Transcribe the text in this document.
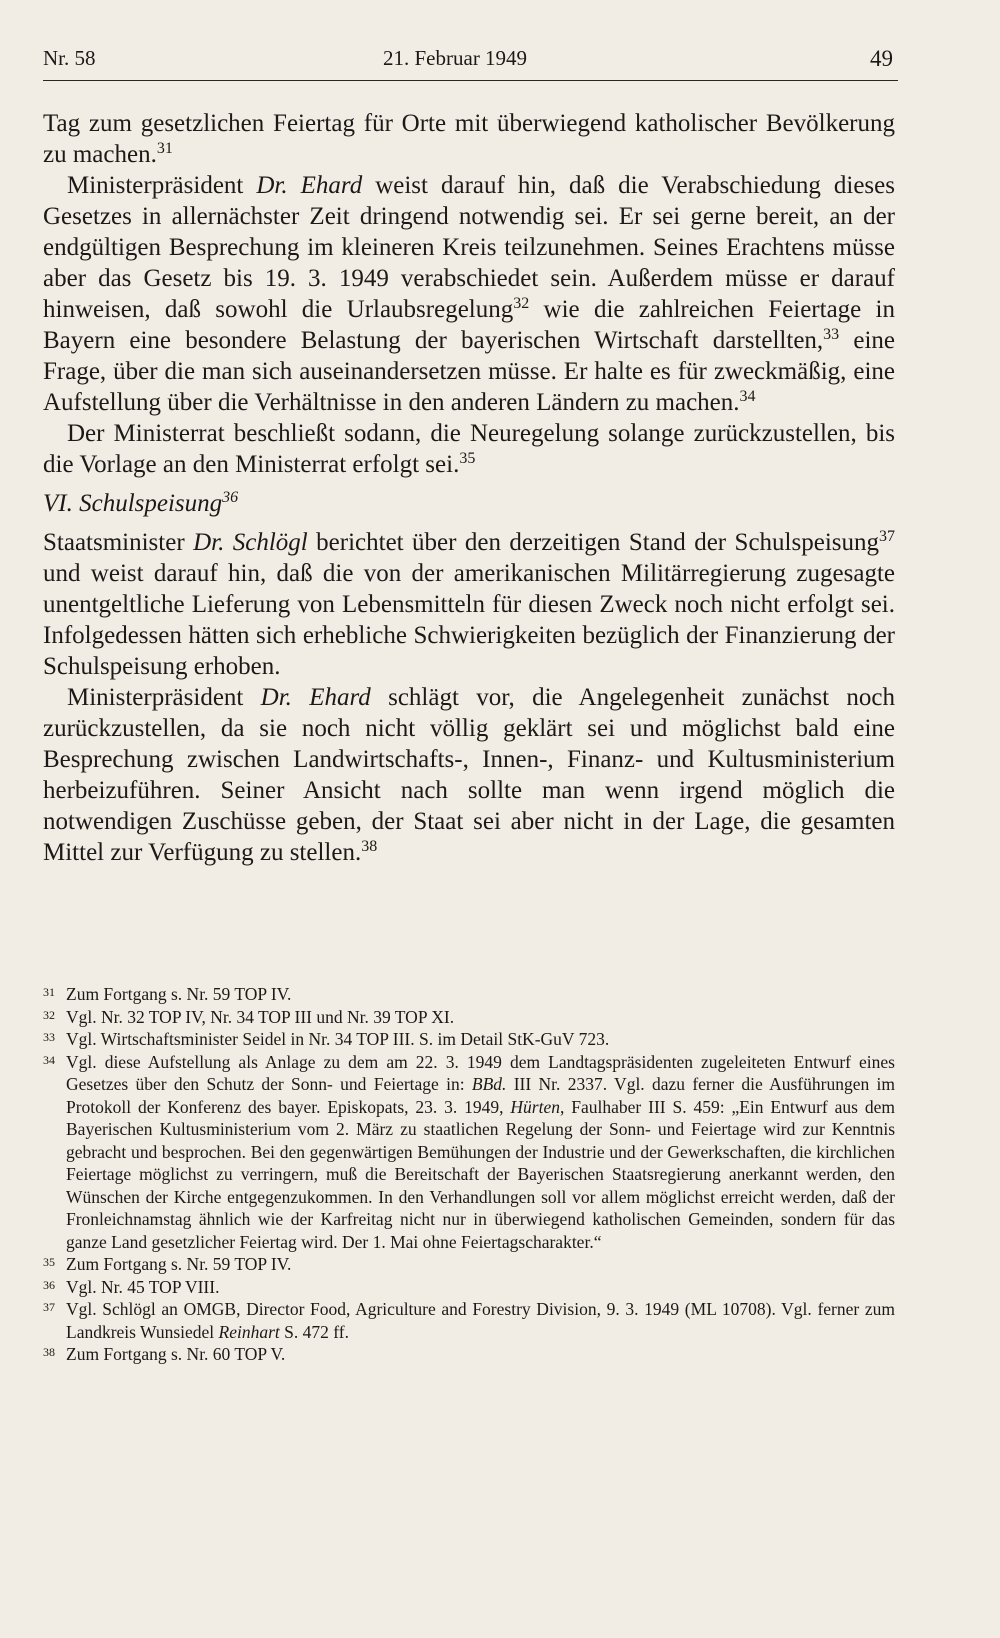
Nr. 58	21. Februar 1949	49

Tag zum gesetzlichen Feiertag für Orte mit überwiegend katholischer Bevölkerung zu machen.$^{31}$

Ministerpräsident Dr. Ehard weist darauf hin, daß die Verabschiedung dieses Gesetzes in allernächster Zeit dringend notwendig sei. Er sei gerne bereit, an der endgültigen Besprechung im kleineren Kreis teilzunehmen. Seines Erachtens müsse aber das Gesetz bis 19. 3. 1949 verabschiedet sein. Außerdem müsse er darauf hinweisen, daß sowohl die Urlaubsregelung$^{32}$ wie die zahlreichen Feiertage in Bayern eine besondere Belastung der bayerischen Wirtschaft darstellten,$^{33}$ eine Frage, über die man sich auseinandersetzen müsse. Er halte es für zweckmäßig, eine Aufstellung über die Verhältnisse in den anderen Ländern zu machen.$^{34}$

Der Ministerrat beschließt sodann, die Neuregelung solange zurückzustellen, bis die Vorlage an den Ministerrat erfolgt sei.$^{35}$

VI. Schulspeisung$^{36}$

Staatsminister Dr. Schlögl berichtet über den derzeitigen Stand der Schulspeisung$^{37}$ und weist darauf hin, daß die von der amerikanischen Militärregierung zugesagte unentgeltliche Lieferung von Lebensmitteln für diesen Zweck noch nicht erfolgt sei. Infolgedessen hätten sich erhebliche Schwierigkeiten bezüglich der Finanzierung der Schulspeisung erhoben.

Ministerpräsident Dr. Ehard schlägt vor, die Angelegenheit zunächst noch zurückzustellen, da sie noch nicht völlig geklärt sei und möglichst bald eine Besprechung zwischen Landwirtschafts-, Innen-, Finanz- und Kultusministerium herbeizuführen. Seiner Ansicht nach sollte man wenn irgend möglich die notwendigen Zuschüsse geben, der Staat sei aber nicht in der Lage, die gesamten Mittel zur Verfügung zu stellen.$^{38}$

31 Zum Fortgang s. Nr. 59 TOP IV.

32 Vgl. Nr. 32 TOP IV, Nr. 34 TOP III und Nr. 39 TOP XI.

33 Vgl. Wirtschaftsminister Seidel in Nr. 34 TOP III. S. im Detail StK-GuV 723.

34 Vgl. diese Aufstellung als Anlage zu dem am 22. 3. 1949 dem Landtagspräsidenten zugeleiteten Entwurf eines Gesetzes über den Schutz der Sonn- und Feiertage in: BBd. III Nr. 2337. Vgl. dazu ferner die Ausführungen im Protokoll der Konferenz des bayer. Episkopats, 23. 3. 1949, Hürten, Faulhaber III S. 459: „Ein Entwurf aus dem Bayerischen Kultusministerium vom 2. März zu staatlichen Regelung der Sonn- und Feiertage wird zur Kenntnis gebracht und besprochen. Bei den gegenwärtigen Bemühungen der Industrie und der Gewerkschaften, die kirchlichen Feiertage möglichst zu verringern, muß die Bereitschaft der Bayerischen Staatsregierung anerkannt werden, den Wünschen der Kirche entgegenzukommen. In den Verhandlungen soll vor allem möglichst erreicht werden, daß der Fronleichnamstag ähnlich wie der Karfreitag nicht nur in überwiegend katholischen Gemeinden, sondern für das ganze Land gesetzlicher Feiertag wird. Der 1. Mai ohne Feiertagscharakter.“

35 Zum Fortgang s. Nr. 59 TOP IV.

36 Vgl. Nr. 45 TOP VIII.

37 Vgl. Schlögl an OMGB, Director Food, Agriculture and Forestry Division, 9. 3. 1949 (ML 10708). Vgl. ferner zum Landkreis Wunsiedel Reinhart S. 472 ff.

38 Zum Fortgang s. Nr. 60 TOP V.
